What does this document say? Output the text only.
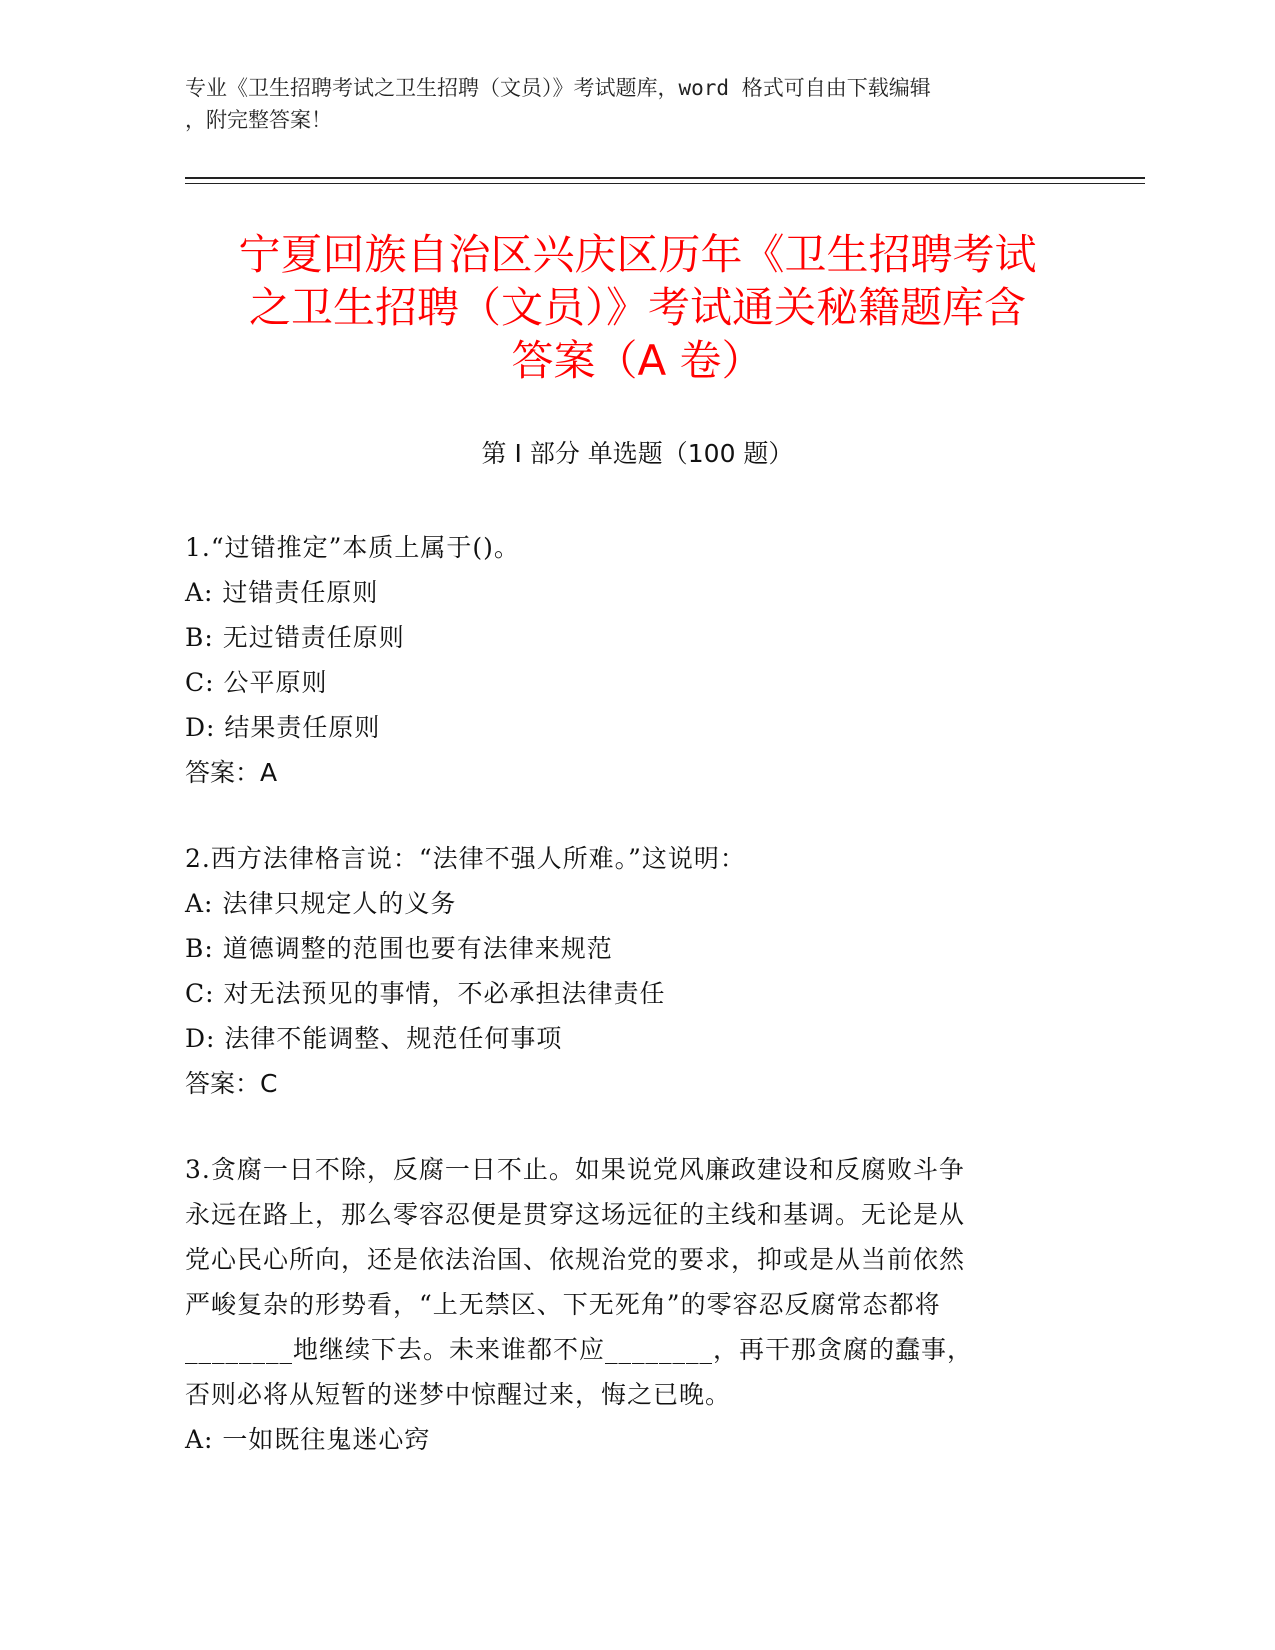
专业《卫生招聘考试之卫生招聘（文员）》考试题库，word 格式可自由下载编辑
，附完整答案！
宁夏回族自治区兴庆区历年《卫生招聘考试
之卫生招聘（文员）》考试通关秘籍题库含
答案（A 卷）
第 I 部分 单选题（100 题）
1.“过错推定”本质上属于()。
A: 过错责任原则
B: 无过错责任原则
C: 公平原则
D: 结果责任原则
答案：A
2.西方法律格言说：“法律不强人所难。”这说明：
A: 法律只规定人的义务
B: 道德调整的范围也要有法律来规范
C: 对无法预见的事情，不必承担法律责任
D: 法律不能调整、规范任何事项
答案：C
3.贪腐一日不除，反腐一日不止。如果说党风廉政建设和反腐败斗争
永远在路上，那么零容忍便是贯穿这场远征的主线和基调。无论是从
党心民心所向，还是依法治国、依规治党的要求，抑或是从当前依然
严峻复杂的形势看，“上无禁区、下无死角”的零容忍反腐常态都将
________地继续下去。未来谁都不应________，再干那贪腐的蠢事，
否则必将从短暂的迷梦中惊醒过来，悔之已晚。
A: 一如既往鬼迷心窍
